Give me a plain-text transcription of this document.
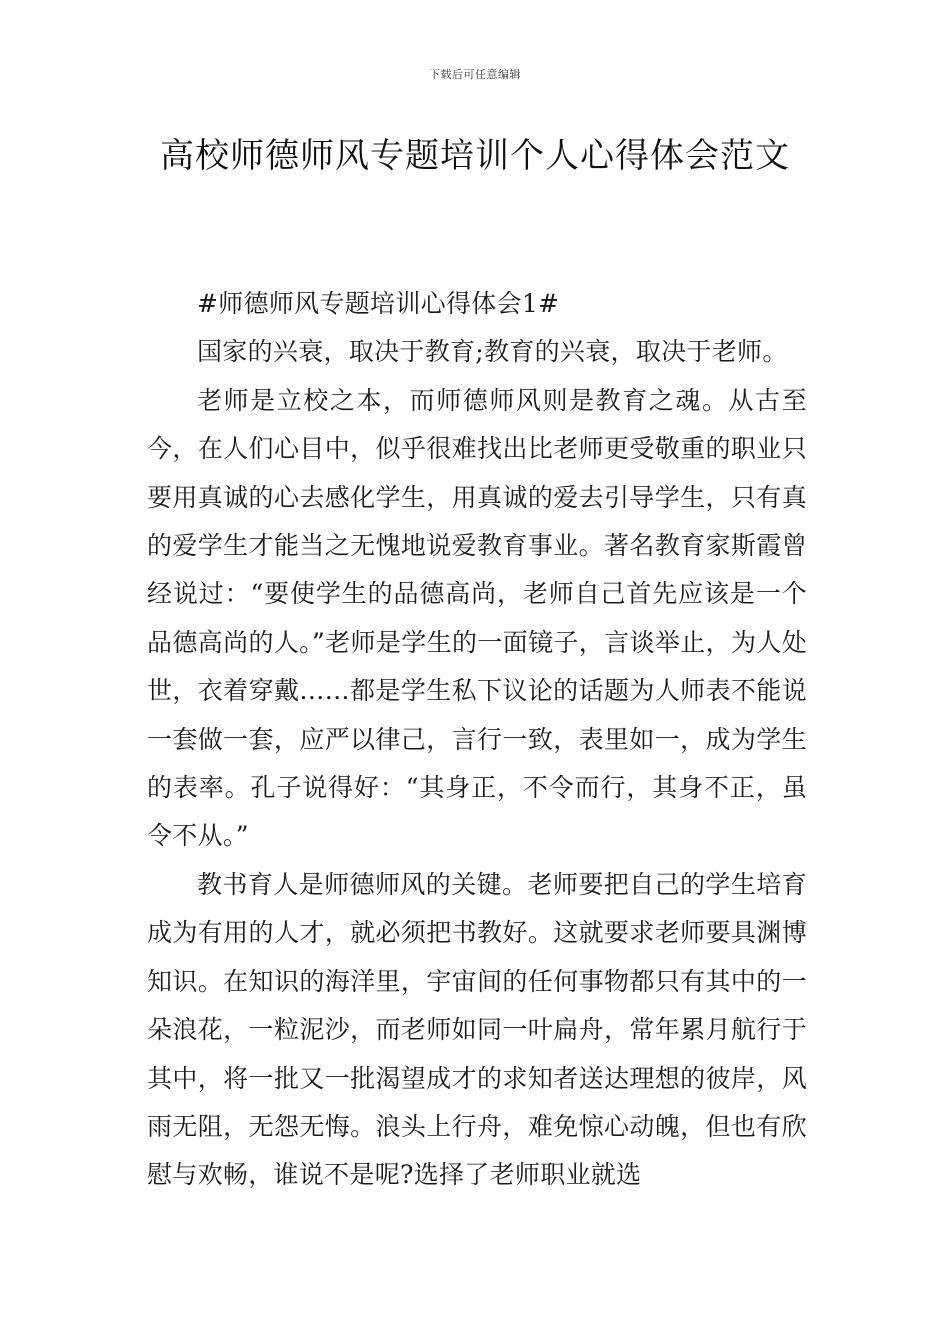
下载后可任意编辑
高校师德师风专题培训个人心得体会范文

#师德师风专题培训心得体会1#

国家的兴衰，取决于教育;教育的兴衰，取决于老师。

老师是立校之本，而师德师风则是教育之魂。从古至今，在人们心目中，似乎很难找出比老师更受敬重的职业只要用真诚的心去感化学生，用真诚的爱去引导学生，只有真的爱学生才能当之无愧地说爱教育事业。著名教育家斯霞曾经说过：“要使学生的品德高尚，老师自己首先应该是一个品德高尚的人。”老师是学生的一面镜子，言谈举止，为人处世，衣着穿戴……都是学生私下议论的话题为人师表不能说一套做一套，应严以律己，言行一致，表里如一，成为学生的表率。孔子说得好：“其身正，不令而行，其身不正，虽令不从。”

教书育人是师德师风的关键。老师要把自己的学生培育成为有用的人才，就必须把书教好。这就要求老师要具渊博知识。在知识的海洋里，宇宙间的任何事物都只有其中的一朵浪花，一粒泥沙，而老师如同一叶扁舟，常年累月航行于其中，将一批又一批渴望成才的求知者送达理想的彼岸，风雨无阻，无怨无悔。浪头上行舟，难免惊心动魄，但也有欣慰与欢畅，谁说不是呢?选择了老师职业就选
